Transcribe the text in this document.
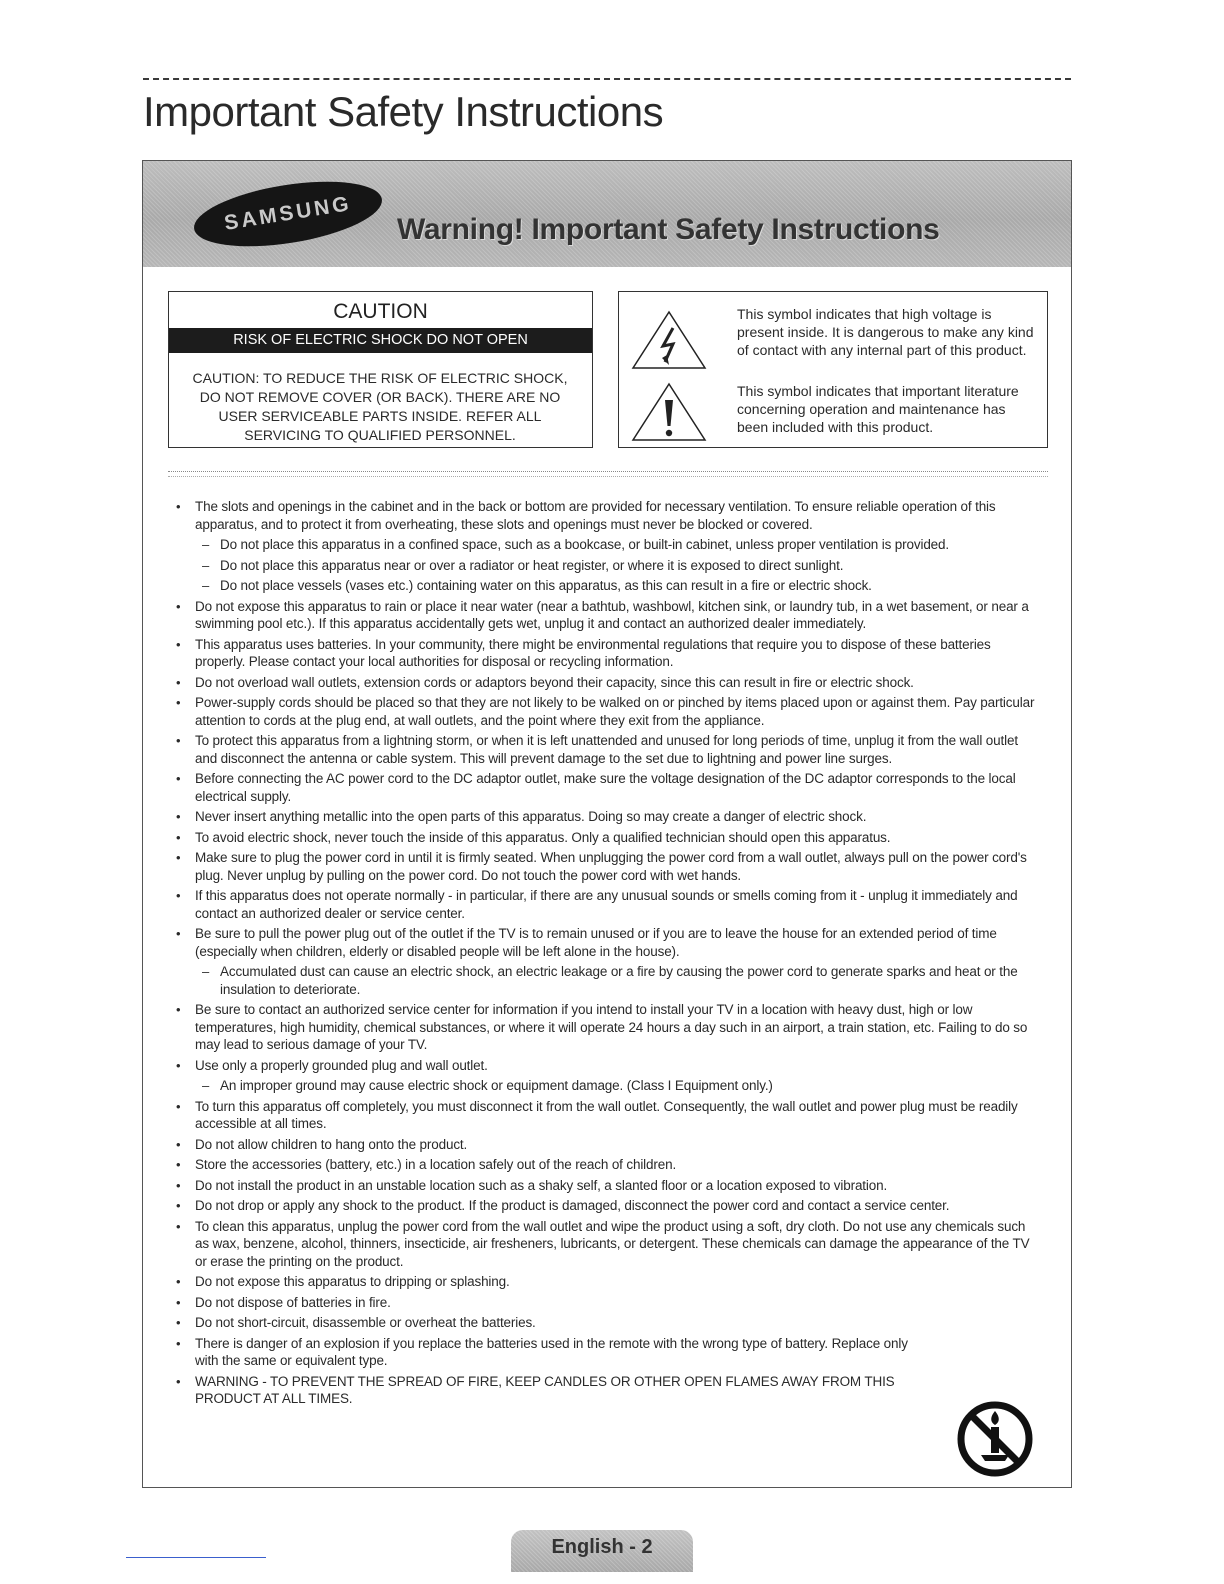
Important Safety Instructions
SAMSUNG	Warning! Important Safety Instructions
CAUTION
RISK OF ELECTRIC SHOCK DO NOT OPEN
CAUTION: TO REDUCE THE RISK OF ELECTRIC SHOCK, DO NOT REMOVE COVER (OR BACK). THERE ARE NO USER SERVICEABLE PARTS INSIDE. REFER ALL SERVICING TO QUALIFIED PERSONNEL.
This symbol indicates that high voltage is present inside. It is dangerous to make any kind of contact with any internal part of this product.
This symbol indicates that important literature concerning operation and maintenance has been included with this product.
• The slots and openings in the cabinet and in the back or bottom are provided for necessary ventilation. To ensure reliable operation of this apparatus, and to protect it from overheating, these slots and openings must never be blocked or covered.
– Do not place this apparatus in a confined space, such as a bookcase, or built-in cabinet, unless proper ventilation is provided.
– Do not place this apparatus near or over a radiator or heat register, or where it is exposed to direct sunlight.
– Do not place vessels (vases etc.) containing water on this apparatus, as this can result in a fire or electric shock.
• Do not expose this apparatus to rain or place it near water (near a bathtub, washbowl, kitchen sink, or laundry tub, in a wet basement, or near a swimming pool etc.). If this apparatus accidentally gets wet, unplug it and contact an authorized dealer immediately.
• This apparatus uses batteries. In your community, there might be environmental regulations that require you to dispose of these batteries properly. Please contact your local authorities for disposal or recycling information.
• Do not overload wall outlets, extension cords or adaptors beyond their capacity, since this can result in fire or electric shock.
• Power-supply cords should be placed so that they are not likely to be walked on or pinched by items placed upon or against them. Pay particular attention to cords at the plug end, at wall outlets, and the point where they exit from the appliance.
• To protect this apparatus from a lightning storm, or when it is left unattended and unused for long periods of time, unplug it from the wall outlet and disconnect the antenna or cable system. This will prevent damage to the set due to lightning and power line surges.
• Before connecting the AC power cord to the DC adaptor outlet, make sure the voltage designation of the DC adaptor corresponds to the local electrical supply.
• Never insert anything metallic into the open parts of this apparatus. Doing so may create a danger of electric shock.
• To avoid electric shock, never touch the inside of this apparatus. Only a qualified technician should open this apparatus.
• Make sure to plug the power cord in until it is firmly seated. When unplugging the power cord from a wall outlet, always pull on the power cord's plug. Never unplug by pulling on the power cord. Do not touch the power cord with wet hands.
• If this apparatus does not operate normally - in particular, if there are any unusual sounds or smells coming from it - unplug it immediately and contact an authorized dealer or service center.
• Be sure to pull the power plug out of the outlet if the TV is to remain unused or if you are to leave the house for an extended period of time (especially when children, elderly or disabled people will be left alone in the house).
– Accumulated dust can cause an electric shock, an electric leakage or a fire by causing the power cord to generate sparks and heat or the insulation to deteriorate.
• Be sure to contact an authorized service center for information if you intend to install your TV in a location with heavy dust, high or low temperatures, high humidity, chemical substances, or where it will operate 24 hours a day such in an airport, a train station, etc. Failing to do so may lead to serious damage of your TV.
• Use only a properly grounded plug and wall outlet.
– An improper ground may cause electric shock or equipment damage. (Class I Equipment only.)
• To turn this apparatus off completely, you must disconnect it from the wall outlet. Consequently, the wall outlet and power plug must be readily accessible at all times.
• Do not allow children to hang onto the product.
• Store the accessories (battery, etc.) in a location safely out of the reach of children.
• Do not install the product in an unstable location such as a shaky self, a slanted floor or a location exposed to vibration.
• Do not drop or apply any shock to the product. If the product is damaged, disconnect the power cord and contact a service center.
• To clean this apparatus, unplug the power cord from the wall outlet and wipe the product using a soft, dry cloth. Do not use any chemicals such as wax, benzene, alcohol, thinners, insecticide, air fresheners, lubricants, or detergent. These chemicals can damage the appearance of the TV or erase the printing on the product.
• Do not expose this apparatus to dripping or splashing.
• Do not dispose of batteries in fire.
• Do not short-circuit, disassemble or overheat the batteries.
• There is danger of an explosion if you replace the batteries used in the remote with the wrong type of battery. Replace only with the same or equivalent type.
• WARNING - TO PREVENT THE SPREAD OF FIRE, KEEP CANDLES OR OTHER OPEN FLAMES AWAY FROM THIS PRODUCT AT ALL TIMES.
English - 2
